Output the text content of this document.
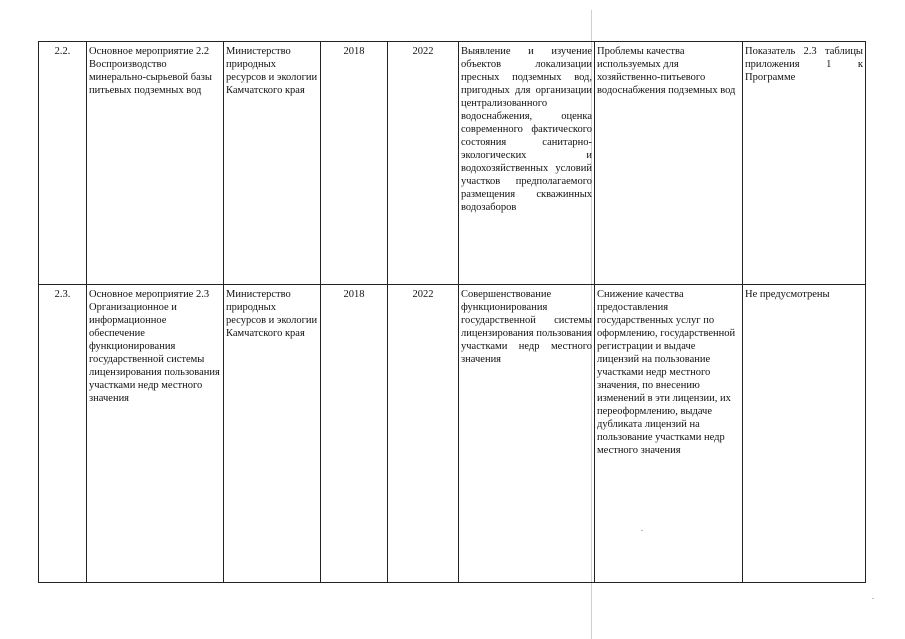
2.2.	Основное мероприятие 2.2 Воспроизводство минерально-сырьевой базы питьевых подземных вод	Министерство природных ресурсов и экологии Камчатского края	2018	2022	Выявление и изучение объектов локализации пресных подземных вод, пригодных для организации централизованного водоснабжения, оценка современного фактического состояния санитарно-экологических и водохозяйственных условий участков предполагаемого размещения скважинных водозаборов	Проблемы качества используемых для хозяйственно-питьевого водоснабжения подземных вод	Показатель 2.3 таблицы приложения 1 к Программе
2.3.	Основное мероприятие 2.3 Организационное и информационное обеспечение функционирования государственной системы лицензирования пользования участками недр местного значения	Министерство природных ресурсов и экологии Камчатского края	2018	2022	Совершенствование функционирования государственной системы лицензирования пользования участками недр местного значения	Снижение качества предоставления государственных услуг по оформлению, государственной регистрации и выдаче лицензий на пользование участками недр местного значения, по внесению изменений в эти лицензии, их переоформлению, выдаче дубликата лицензий на пользование участками недр местного значения	Не предусмотрены
